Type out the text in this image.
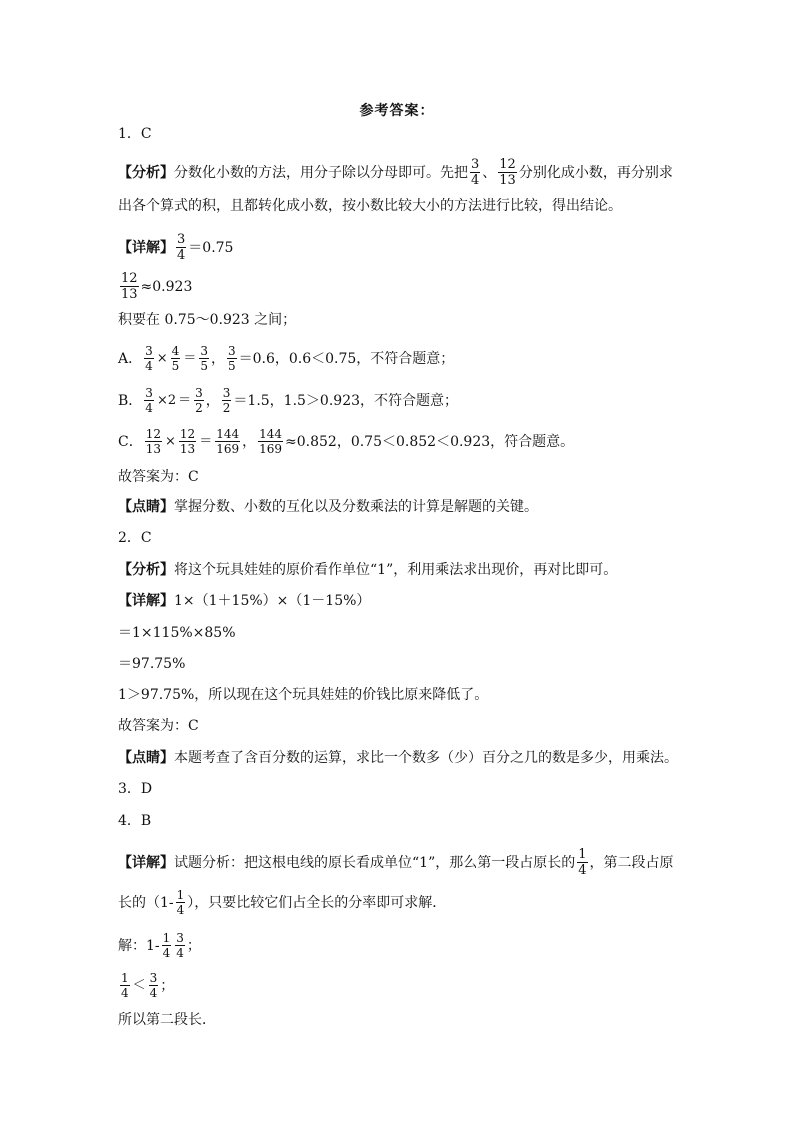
参考答案：
1．C
【分析】 分数化小数的方法，用分子除以分母即可。先把 $\frac{3}{4}$ 、 $\frac{12}{13}$ 分别化成小数，再分别求
出各个算式的积，且都转化成小数，按小数比较大小的方法进行比较，得出结论。
【详解】 $\frac{3}{4} =0.75$
$\frac{12}{13} \approx 0.923$
积要在 0.75～0.923 之间；
A． $\frac{3}{4} \times \frac{4}{5} = \frac{3}{5}$ ， $\frac{3}{5} =0.6$，0.6＜0.75，不符合题意；
B． $\frac{3}{4} \times 2 = \frac{3}{2}$ ， $\frac{3}{2} =1.5$，1.5＞0.923，不符合题意；
C． $\frac{12}{13} \times \frac{12}{13} = \frac{144}{169}$ ， $\frac{144}{169} \approx 0.852$，0.75＜0.852＜0.923，符合题意。
故答案为：C
【点睛】 掌握分数、小数的互化以及分数乘法的计算是解题的关键。
2．C
【分析】 将这个玩具娃娃的原价看作单位“1”，利用乘法求出现价，再对比即可。
【详解】 1×（1＋15%）×（1－15%）
＝1×115%×85%
＝97.75%
1＞97.75%，所以现在这个玩具娃娃的价钱比原来降低了。
故答案为：C
【点睛】 本题考查了含百分数的运算，求比一个数多（少）百分之几的数是多少，用乘法。
3．D
4．B
【详解】 试题分析：把这根电线的原长看成单位“1”，那么第一段占原长的 $\frac{1}{4}$ ，第二段占原
长的（$1- \frac{1}{4}$ ），只要比较它们占全长的分率即可求解．
解：$1- \frac{1}{4} \frac{3}{4}$ ；
$\frac{1}{4} < \frac{3}{4}$ ；
所以第二段长．
